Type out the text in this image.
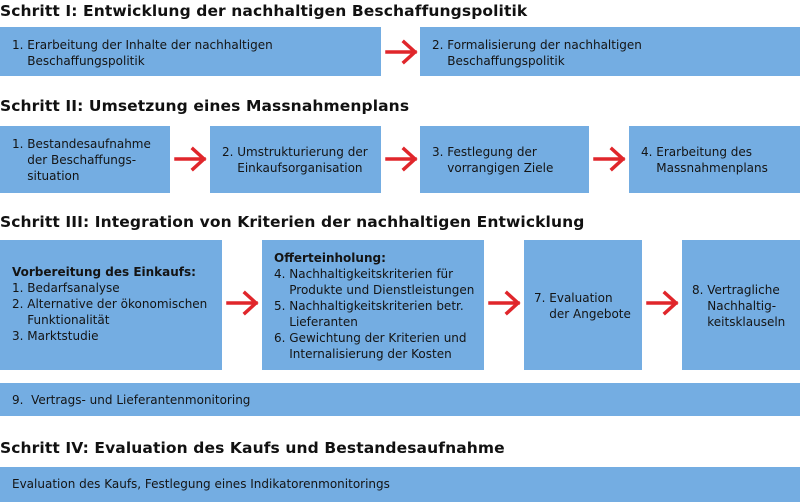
Schritt I: Entwicklung der nachhaltigen Beschaffungspolitik
1. Erarbeitung der Inhalte der nachhaltigen
Beschaffungspolitik
2. Formalisierung der nachhaltigen
Beschaffungspolitik
Schritt II: Umsetzung eines Massnahmenplans
1. Bestandesaufnahme
der Beschaffungs-
situation
2. Umstrukturierung der
Einkaufsorganisation
3. Festlegung der
vorrangigen Ziele
4. Erarbeitung des
Massnahmenplans
Schritt III: Integration von Kriterien der nachhaltigen Entwicklung
Vorbereitung des Einkaufs:
1. Bedarfsanalyse
2. Alternative der ökonomischen
Funktionalität
3. Marktstudie
Offerteinholung:
4. Nachhaltigkeitskriterien für
Produkte und Dienstleistungen
5. Nachhaltigkeitskriterien betr.
Lieferanten
6. Gewichtung der Kriterien und
Internalisierung der Kosten
7. Evaluation
der Angebote
8. Vertragliche
Nachhaltig-
keitsklauseln
9.  Vertrags- und Lieferantenmonitoring
Schritt IV: Evaluation des Kaufs und Bestandesaufnahme
Evaluation des Kaufs, Festlegung eines Indikatorenmonitorings
